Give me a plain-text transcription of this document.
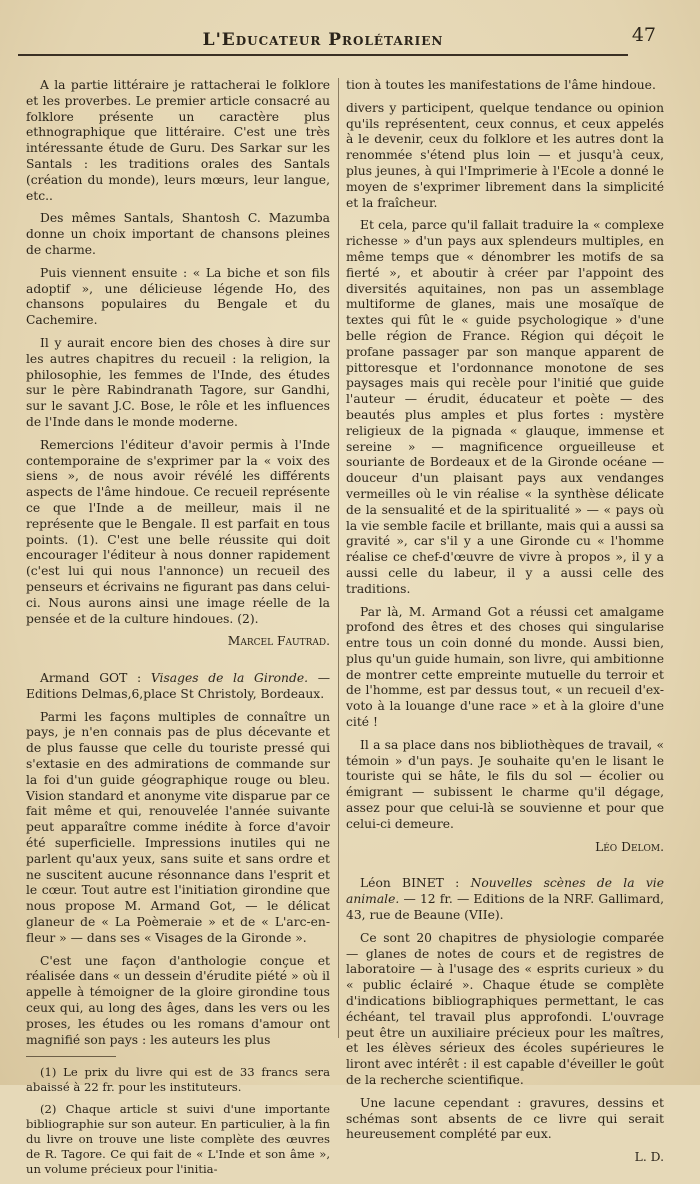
L'Educateur Prolétarien	47

A la partie littéraire je rattacherai le folklore et les proverbes. Le premier article consacré au folklore présente un caractère plus ethnographique que littéraire. C'est une très intéressante étude de Guru. Des Sarkar sur les Santals : les traditions orales des Santals (création du monde), leurs mœurs, leur langue, etc..

Des mêmes Santals, Shantosh C. Mazumba donne un choix important de chansons pleines de charme.

Puis viennent ensuite : « La biche et son fils adoptif », une délicieuse légende Ho, des chansons populaires du Bengale et du Cachemire.

Il y aurait encore bien des choses à dire sur les autres chapitres du recueil : la religion, la philosophie, les femmes de l'Inde, des études sur le père Rabindranath Tagore, sur Gandhi, sur le savant J.C. Bose, le rôle et les influences de l'Inde dans le monde moderne.

Remercions l'éditeur d'avoir permis à l'Inde contemporaine de s'exprimer par la « voix des siens », de nous avoir révélé les différents aspects de l'âme hindoue. Ce recueil représente ce que l'Inde a de meilleur, mais il ne représente que le Bengale. Il est parfait en tous points. (1). C'est une belle réussite qui doit encourager l'éditeur à nous donner rapidement (c'est lui qui nous l'annonce) un recueil des penseurs et écrivains ne figurant pas dans celui-ci. Nous aurons ainsi une image réelle de la pensée et de la culture hindoues. (2).

Marcel Fautrad.

Armand GOT : Visages de la Gironde. — Editions Delmas,6,place St Christoly, Bordeaux.

Parmi les façons multiples de connaître un pays, je n'en connais pas de plus décevante et de plus fausse que celle du touriste pressé qui s'extasie en des admirations de commande sur la foi d'un guide géographique rouge ou bleu. Vision standard et anonyme vite disparue par ce fait même et qui, renouvelée l'année suivante peut apparaître comme inédite à force d'avoir été superficielle. Impressions inutiles qui ne parlent qu'aux yeux, sans suite et sans ordre et ne suscitent aucune résonnance dans l'esprit et le cœur. Tout autre est l'initiation girondine que nous propose M. Armand Got, — le délicat glaneur de « La Poèmeraie » et de « L'arc-en-fleur » — dans ses « Visages de la Gironde ».

C'est une façon d'anthologie conçue et réalisée dans « un dessein d'érudite piété » où il appelle à témoigner de la gloire girondine tous ceux qui, au long des âges, dans les vers ou les proses, les études ou les romans d'amour ont magnifié son pays : les auteurs les plus

(1) Le prix du livre qui est de 33 francs sera abaissé à 22 fr. pour les instituteurs.

(2) Chaque article st suivi d'une importante bibliographie sur son auteur. En particulier, à la fin du livre on trouve une liste complète des œuvres de R. Tagore. Ce qui fait de « L'Inde et son âme », un volume précieux pour l'initia-

tion à toutes les manifestations de l'âme hindoue.

divers y participent, quelque tendance ou opinion qu'ils représentent, ceux connus, et ceux appelés à le devenir, ceux du folklore et les autres dont la renommée s'étend plus loin — et jusqu'à ceux, plus jeunes, à qui l'Imprimerie à l'Ecole a donné le moyen de s'exprimer librement dans la simplicité et la fraîcheur.

Et cela, parce qu'il fallait traduire la « complexe richesse » d'un pays aux splendeurs multiples, en même temps que « dénombrer les motifs de sa fierté », et aboutir à créer par l'appoint des diversités aquitaines, non pas un assemblage multiforme de glanes, mais une mosaïque de textes qui fût le « guide psychologique » d'une belle région de France. Région qui déçoit le profane passager par son manque apparent de pittoresque et l'ordonnance monotone de ses paysages mais qui recèle pour l'initié que guide l'auteur — érudit, éducateur et poète — des beautés plus amples et plus fortes : mystère religieux de la pignada « glauque, immense et sereine » — magnificence orgueilleuse et souriante de Bordeaux et de la Gironde océane — douceur d'un plaisant pays aux vendanges vermeilles où le vin réalise « la synthèse délicate de la sensualité et de la spiritualité » — « pays où la vie semble facile et brillante, mais qui a aussi sa gravité », car s'il y a une Gironde cu « l'homme réalise ce chef-d'œuvre de vivre à propos », il y a aussi celle du labeur, il y a aussi celle des traditions.

Par là, M. Armand Got a réussi cet amalgame profond des êtres et des choses qui singularise entre tous un coin donné du monde. Aussi bien, plus qu'un guide humain, son livre, qui ambitionne de montrer cette empreinte mutuelle du terroir et de l'homme, est par dessus tout, « un recueil d'ex-voto à la louange d'une race » et à la gloire d'une cité !

Il a sa place dans nos bibliothèques de travail, « témoin » d'un pays. Je souhaite qu'en le lisant le touriste qui se hâte, le fils du sol — écolier ou émigrant — subissent le charme qu'il dégage, assez pour que celui-là se souvienne et pour que celui-ci demeure.

Léo Delom.

Léon BINET : Nouvelles scènes de la vie animale. — 12 fr. — Editions de la NRF. Gallimard, 43, rue de Beaune (VIIe).

Ce sont 20 chapitres de physiologie comparée — glanes de notes de cours et de registres de laboratoire — à l'usage des « esprits curieux » du « public éclairé ». Chaque étude se complète d'indications bibliographiques permettant, le cas échéant, tel travail plus approfondi. L'ouvrage peut être un auxiliaire précieux pour les maîtres, et les élèves sérieux des écoles supérieures le liront avec intérêt : il est capable d'éveiller le goût de la recherche scientifique.

Une lacune cependant : gravures, dessins et schémas sont absents de ce livre qui serait heureusement complété par eux.

L. D.
